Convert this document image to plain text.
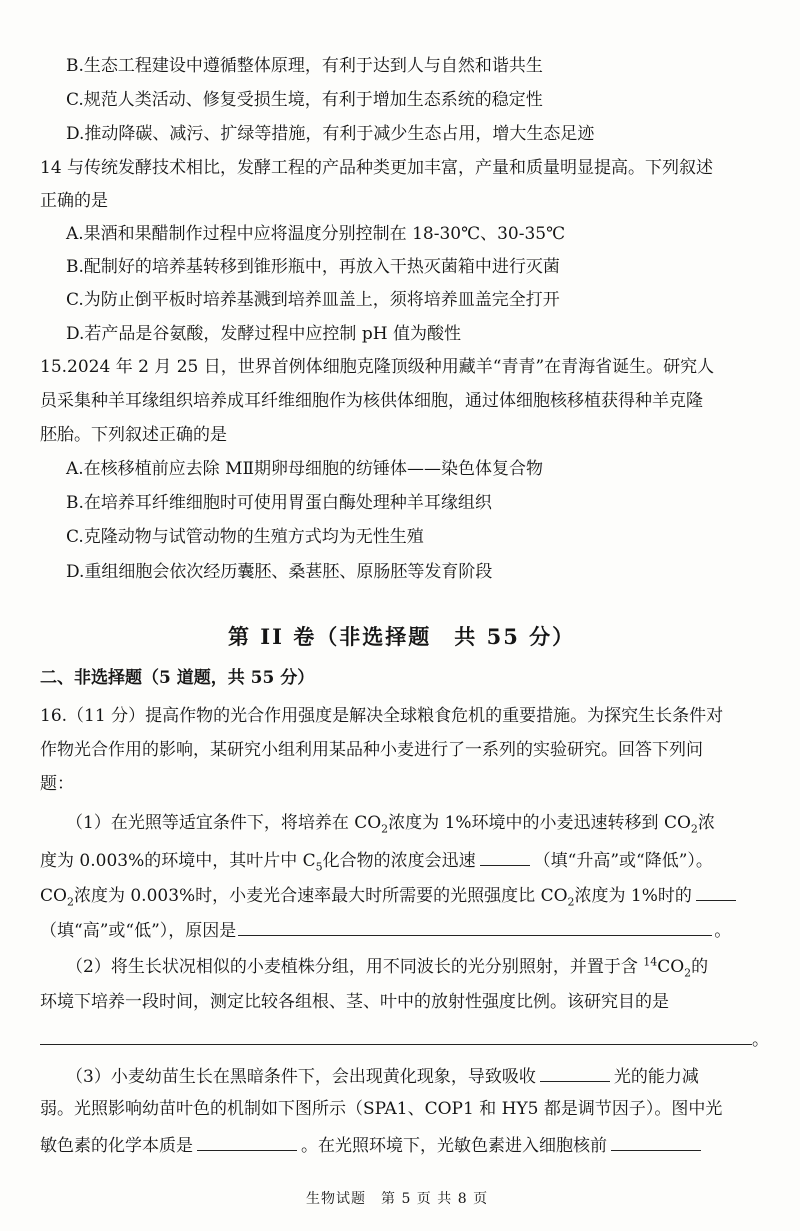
B.生态工程建设中遵循整体原理，有利于达到人与自然和谐共生
C.规范人类活动、修复受损生境，有利于增加生态系统的稳定性
D.推动降碳、减污、扩绿等措施，有利于减少生态占用，增大生态足迹
14 与传统发酵技术相比，发酵工程的产品种类更加丰富，产量和质量明显提高。下列叙述
正确的是
A.果酒和果醋制作过程中应将温度分别控制在 18-30℃、30-35℃
B.配制好的培养基转移到锥形瓶中，再放入干热灭菌箱中进行灭菌
C.为防止倒平板时培养基溅到培养皿盖上，须将培养皿盖完全打开
D.若产品是谷氨酸，发酵过程中应控制 pH 值为酸性
15.2024 年 2 月 25 日，世界首例体细胞克隆顶级种用藏羊“青青”在青海省诞生。研究人
员采集种羊耳缘组织培养成耳纤维细胞作为核供体细胞，通过体细胞核移植获得种羊克隆
胚胎。下列叙述正确的是
A.在核移植前应去除 MⅡ期卵母细胞的纺锤体——染色体复合物
B.在培养耳纤维细胞时可使用胃蛋白酶处理种羊耳缘组织
C.克隆动物与试管动物的生殖方式均为无性生殖
D.重组细胞会依次经历囊胚、桑葚胚、原肠胚等发育阶段
第 II 卷（非选择题　共 55 分）
二、非选择题（5 道题，共 55 分）
16.（11 分）提高作物的光合作用强度是解决全球粮食危机的重要措施。为探究生长条件对
作物光合作用的影响，某研究小组利用某品种小麦进行了一系列的实验研究。回答下列问
题：
（1）在光照等适宜条件下，将培养在 $CO_2$浓度为 1%环境中的小麦迅速转移到 $CO_2$浓
度为 0.003%的环境中，其叶片中 $C_5$化合物的浓度会迅速	（填“升高”或“降低”）。
$CO_2$浓度为 0.003%时，小麦光合速率最大时所需要的光照强度比 $CO_2$浓度为 1%时的
（填“高”或“低”），原因是	。
（2）将生长状况相似的小麦植株分组，用不同波长的光分别照射，并置于含 $^{14}CO_2$的
环境下培养一段时间，测定比较各组根、茎、叶中的放射性强度比例。该研究目的是
。
（3）小麦幼苗生长在黑暗条件下，会出现黄化现象，导致吸收	光的能力减
弱。光照影响幼苗叶色的机制如下图所示（SPA1、COP1 和 HY5 都是调节因子）。图中光
敏色素的化学本质是	。在光照环境下，光敏色素进入细胞核前
生物试题　第 5 页 共 8 页
